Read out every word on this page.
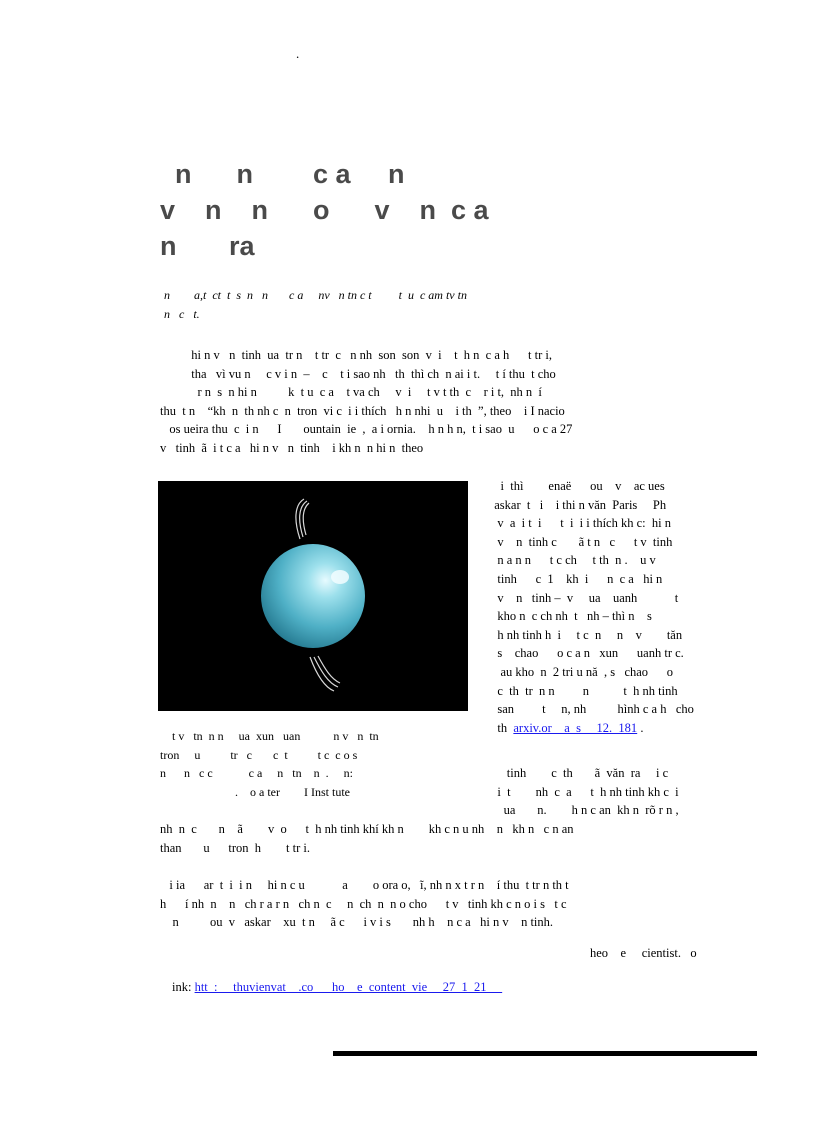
.
n      n        c a     n
v    n    n      o      v    n  c a
n       ra
n        a,t  ct  t  s  n   n       c a     nv   n tn c t         t  u  c am tv tn
n   c   t.
hi n v   n  tinh  ua  tr n    t tr  c   n nh  son  son  v  i    t  h n  c a h      t tr i,
tha   vì vu n     c v i n  –    c    t i sao nh   th  thì ch  n ai i t.     t í thu  t cho
r n  s  n hi n          k  t u  c a    t va ch     v  i     t v t th  c    r i t,  nh n  í
thu  t n    “kh  n  th nh c  n  tron  vi c  i i thích   h n nhi  u    i th  ”, theo    i I nacio
os ueira thu  c  i n      I       ountain  ie  ,  a i ornia.    h n h n,  t i sao  u      o c a 27
v   tinh  ã  i t c a   hi n v   n  tinh    i kh n  n hi n  theo
i  thì        enaë      ou    v    ac ues
askar  t   i    i thi n văn  Paris     Ph
v  a  i t  i      t  i  i i thích kh c:  hi n
v    n  tinh c       ã t n   c      t v  tinh
n a n n      t c ch     t th  n .    u v
tinh      c  1    kh  i      n  c a   hi n
v    n   tinh –  v     ua    uanh            t
kho n  c ch nh  t   nh – thì n    s
h nh tinh h  i     t c  n     n    v        tăn
s    chao      o c a n   xun      uanh tr c.
au kho  n  2 tri u nă  , s   chao      o
c  th  tr  n n         n           t  h nh tinh
san         t     n, nh          hình c a h   cho
th  arxiv.or    a  s     12.  181 .
t v   tn  n n     ua  xun   uan           n v   n  tn
tron     u          tr   c       c  t          t c  c o s
n      n   c c            c a     n   tn    n  .     n:
.    o a ter        I Inst tute
tinh        c  th       ã  văn  ra     i c
i  t        nh  c  a      t  h nh tinh kh c  i
ua       n.        h n c an  kh n  rõ r n ,
nh  n  c       n    ã        v  o      t  h nh tinh khí kh n        kh c n u nh    n   kh n   c n an
than       u      tron  h        t tr i.
i ia      ar  t  i  i n     hi n c u            a        o ora o,   ĩ, nh n x t r n    í thu  t tr n th t
h      í nh  n    n   ch r a r n   ch n  c     n  ch  n  n o cho      t v   tinh kh c n o i s   t c
n          ou  v   askar    xu  t n     ã c      i v i s       nh h    n c a   hi n v    n tinh.
heo    e     cientist.   o
ink: htt  :     thuvienvat    .co      ho    e  content  vie     27  1  21
